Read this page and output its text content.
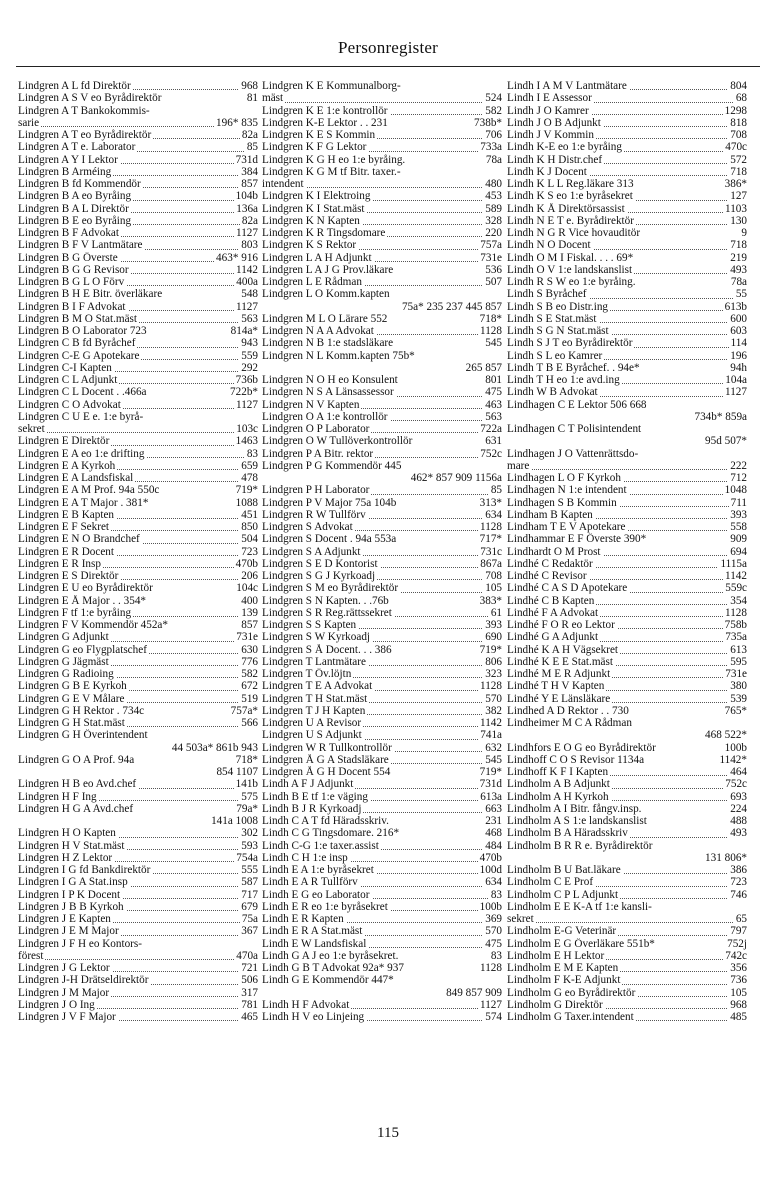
Personregister
Lindgren A L fd Direktör	968
Lindgren A S V eo Byrådirektör	81
Lindgren A T Bankokommis-
sarie	196* 835
Lindgren A T eo Byrådirektör	82a
Lindgren A T e. Laborator	85
Lindgren A Y I Lektor	731d
Lindgren B Arméing	384
Lindgren B fd Kommendör	857
Lindgren B A eo Byråing	104b
Lindgren B A L Direktör	136a
Lindgren B E eo Byråing	82a
Lindgren B F Advokat	1127
Lindgren B F V Lantmätare	803
Lindgren B G Överste	463* 916
Lindgren B G G Revisor	1142
Lindgren B G L O Förv	400a
Lindgren B H E Bitr. överläkare	548
Lindgren B I F Advokat	1127
Lindgren B M O Stat.mäst	563
Lindgren B O Laborator 723	814a*
Lindgren C B fd Byråchef	943
Lindgren C-E G Apotekare	559
Lindgren C-I Kapten	292
Lindgren C L Adjunkt	736b
Lindgren C L Docent . .466a	722b*
Lindgren C O Advokat	1127
Lindgren C U E e. 1:e byrå-
sekret	103c
Lindgren E Direktör	1463
Lindgren E A eo 1:e drifting	83
Lindgren E A Kyrkoh	659
Lindgren E A Landsfiskal	478
Lindgren E A M Prof. 94a 550c	719*
Lindgren E A T Major . 381*	1088
Lindgren E B Kapten	451
Lindgren E F Sekret	850
Lindgren E N O Brandchef	504
Lindgren E R Docent	723
Lindgren E R Insp	470b
Lindgren E S Direktör	206
Lindgren E U eo Byrådirektör	104c
Lindgren E Å Major . . 354*	400
Lindgren F tf 1:e byråing	139
Lindgren F V Kommendör 452a*	857
Lindgren G Adjunkt	731e
Lindgren G eo Flygplatschef	630
Lindgren G Jägmäst	776
Lindgren G Radioing	582
Lindgren G B E Kyrkoh	672
Lindgren G E V Målare	519
Lindgren G H Rektor . 734c	757a*
Lindgren G H Stat.mäst	566
Lindgren G H Överintendent
44 503a* 861b 943
Lindgren G O A Prof. 94a	718*
854 1107
Lindgren H B eo Avd.chef	141b
Lindgren H F Ing	575
Lindgren H G A Avd.chef	79a*
141a 1008
Lindgren H O Kapten	302
Lindgren H V Stat.mäst	593
Lindgren H Z Lektor	754a
Lindgren I G fd Bankdirektör	555
Lindgren I G A Stat.insp	587
Lindgren I P K Docent	717
Lindgren J B B Kyrkoh	679
Lindgren J E Kapten	75a
Lindgren J E M Major	367
Lindgren J F H eo Kontors-
förest	470a
Lindgren J G Lektor	721
Lindgren J-H Drätseldirektör	506
Lindgren J M Major	317
Lindgren J O Ing	781
Lindgren J V F Major	465
Lindgren K E Kommunalborg-
mäst	524
Lindgren K E 1:e kontrollör	582
Lindgren K-E Lektor . . 231	738b*
Lindgren K E S Kommin	706
Lindgren K F G Lektor	733a
Lindgren K G H eo 1:e byråing.	78a
Lindgren K G M tf Bitr. taxer.-
intendent	480
Lindgren K I Elektroing	453
Lindgren K I Stat.mäst	589
Lindgren K N Kapten	328
Lindgren K R Tingsdomare	220
Lindgren K S Rektor	757a
Lindgren L A H Adjunkt	731e
Lindgren L A J G Prov.läkare	536
Lindgren L E Rådman	507
Lindgren L O Komm.kapten
75a* 235 237 445 857
Lindgren M L O Lärare 552	718*
Lindgren N A A Advokat	1128
Lindgren N B 1:e stadsläkare	545
Lindgren N L Komm.kapten 75b*
265 857
Lindgren N O H eo Konsulent	801
Lindgren N S A Länsassessor	475
Lindgren N V Kapten	463
Lindgren O A 1:e kontrollör	563
Lindgren O P Laborator	722a
Lindgren O W Tullöverkontrollör	631
Lindgren P A Bitr. rektor	752c
Lindgren P G Kommendör 445
462* 857 909 1156a
Lindgren P H Laborator	85
Lindgren P V Major 75a 104b	313*
Lindgren R W Tullförv	634
Lindgren S Advokat	1128
Lindgren S Docent . 94a 553a	717*
Lindgren S A Adjunkt	731c
Lindgren S E D Kontorist	867a
Lindgren S G J Kyrkoadj	708
Lindgren S M eo Byrådirektör	105
Lindgren S N Kapten. . .76b	383*
Lindgren S R Reg.rättssekret	61
Lindgren S S Kapten	393
Lindgren S W Kyrkoadj	690
Lindgren S Å Docent. . . 386	719*
Lindgren T Lantmätare	806
Lindgren T Öv.löjtn	323
Lindgren T E A Advokat	1128
Lindgren T H Stat.mäst	570
Lindgren T J H Kapten	382
Lindgren U A Revisor	1142
Lindgren U S Adjunkt	741a
Lindgren W R Tullkontrollör	632
Lindgren Å G A Stadsläkare	545
Lindgren Å G H Docent 554	719*
Lindh A F J Adjunkt	731d
Lindh B E tf 1:e väging	613a
Lindh B J R Kyrkoadj	663
Lindh C A T fd Häradsskriv.	231
Lindh C G Tingsdomare. 216*	468
Lindh C-G 1:e taxer.assist	484
Lindh C H 1:e insp	470b
Lindh E A 1:e byråsekret	100d
Lindh E A R Tullförv	634
Lindh E G eo Laborator	83
Lindh E R eo 1:e byråsekret	100b
Lindh E R Kapten	369
Lindh E R A Stat.mäst	570
Lindh E W Landsfiskal	475
Lindh G A J eo 1:e byråsekret.	83
Lindh G B T Advokat 92a* 937	1128
Lindh G E Kommendör 447*
849 857 909
Lindh H F Advokat	1127
Lindh H V eo Linjeing	574
Lindh I A M V Lantmätare	804
Lindh I E Assessor	68
Lindh J O Kamrer	1298
Lindh J O B Adjunkt	818
Lindh J V Kommin	708
Lindh K-E eo 1:e byråing	470c
Lindh K H Distr.chef	572
Lindh K J Docent	718
Lindh K L L Reg.läkare 313	386*
Lindh K S eo 1:e byråsekret	127
Lindh K Å Direktörsassist	1103
Lindh N E T e. Byrådirektör	130
Lindh N G R Vice hovauditör	9
Lindh N O Docent	718
Lindh O M I Fiskal. . . . 69*	219
Lindh O V 1:e landskanslist	493
Lindh R S W eo 1:e byråing.	78a
Lindh S Byråchef	55
Lindh S B eo Distr.ing	613b
Lindh S E Stat.mäst	600
Lindh S G N Stat.mäst	603
Lindh S J T eo Byrådirektör	114
Lindh S L eo Kamrer	196
Lindh T B E Byråchef. . 94e*	94h
Lindh T H eo 1:e avd.ing	104a
Lindh W B Advokat	1127
Lindhagen C E Lektor 506 668
734b* 859a
Lindhagen C T Polisintendent
95d 507*
Lindhagen J O Vattenrättsdo-
mare	222
Lindhagen L O F Kyrkoh	712
Lindhagen N 1:e intendent	1048
Lindhagen S B Kommin	711
Lindham B Kapten	393
Lindham T E V Apotekare	558
Lindhammar E F Överste 390*	909
Lindhardt O M Prost	694
Lindhé C Redaktör	1115a
Lindhé C Revisor	1142
Lindhé C A S D Apotekare	559c
Lindhé C B Kapten	354
Lindhé F A Advokat	1128
Lindhé F O R eo Lektor	758b
Lindhé G A Adjunkt	735a
Lindhé K A H Vägsekret	613
Lindhé K E E Stat.mäst	595
Lindhé M E R Adjunkt	731e
Lindhé T H V Kapten	380
Lindhé Y E Länsläkare	539
Lindhed A D Rektor . . 730	765*
Lindheimer M C A Rådman
468 522*
Lindhfors E O G eo Byrådirektör	100b
Lindhoff C O S Revisor 1134a	1142*
Lindhoff K F I Kapten	464
Lindholm A B Adjunkt	752c
Lindholm A H Kyrkoh	693
Lindholm A I Bitr. fångv.insp.	224
Lindholm A S 1:e landskanslist	488
Lindholm B A Häradsskriv	493
Lindholm B R R e. Byrådirektör
131 806*
Lindholm B U Bat.läkare	386
Lindholm C E Prof	723
Lindholm C P L Adjunkt	746
Lindholm E E K-A tf 1:e kansli-
sekret	65
Lindholm E-G Veterinär	797
Lindholm E G Överläkare 551b*	752j
Lindholm E H Lektor	742c
Lindholm E M E Kapten	356
Lindholm F K-E Adjunkt	736
Lindholm G eo Byrådirektör	105
Lindholm G Direktör	968
Lindholm G Taxer.intendent	485
115
